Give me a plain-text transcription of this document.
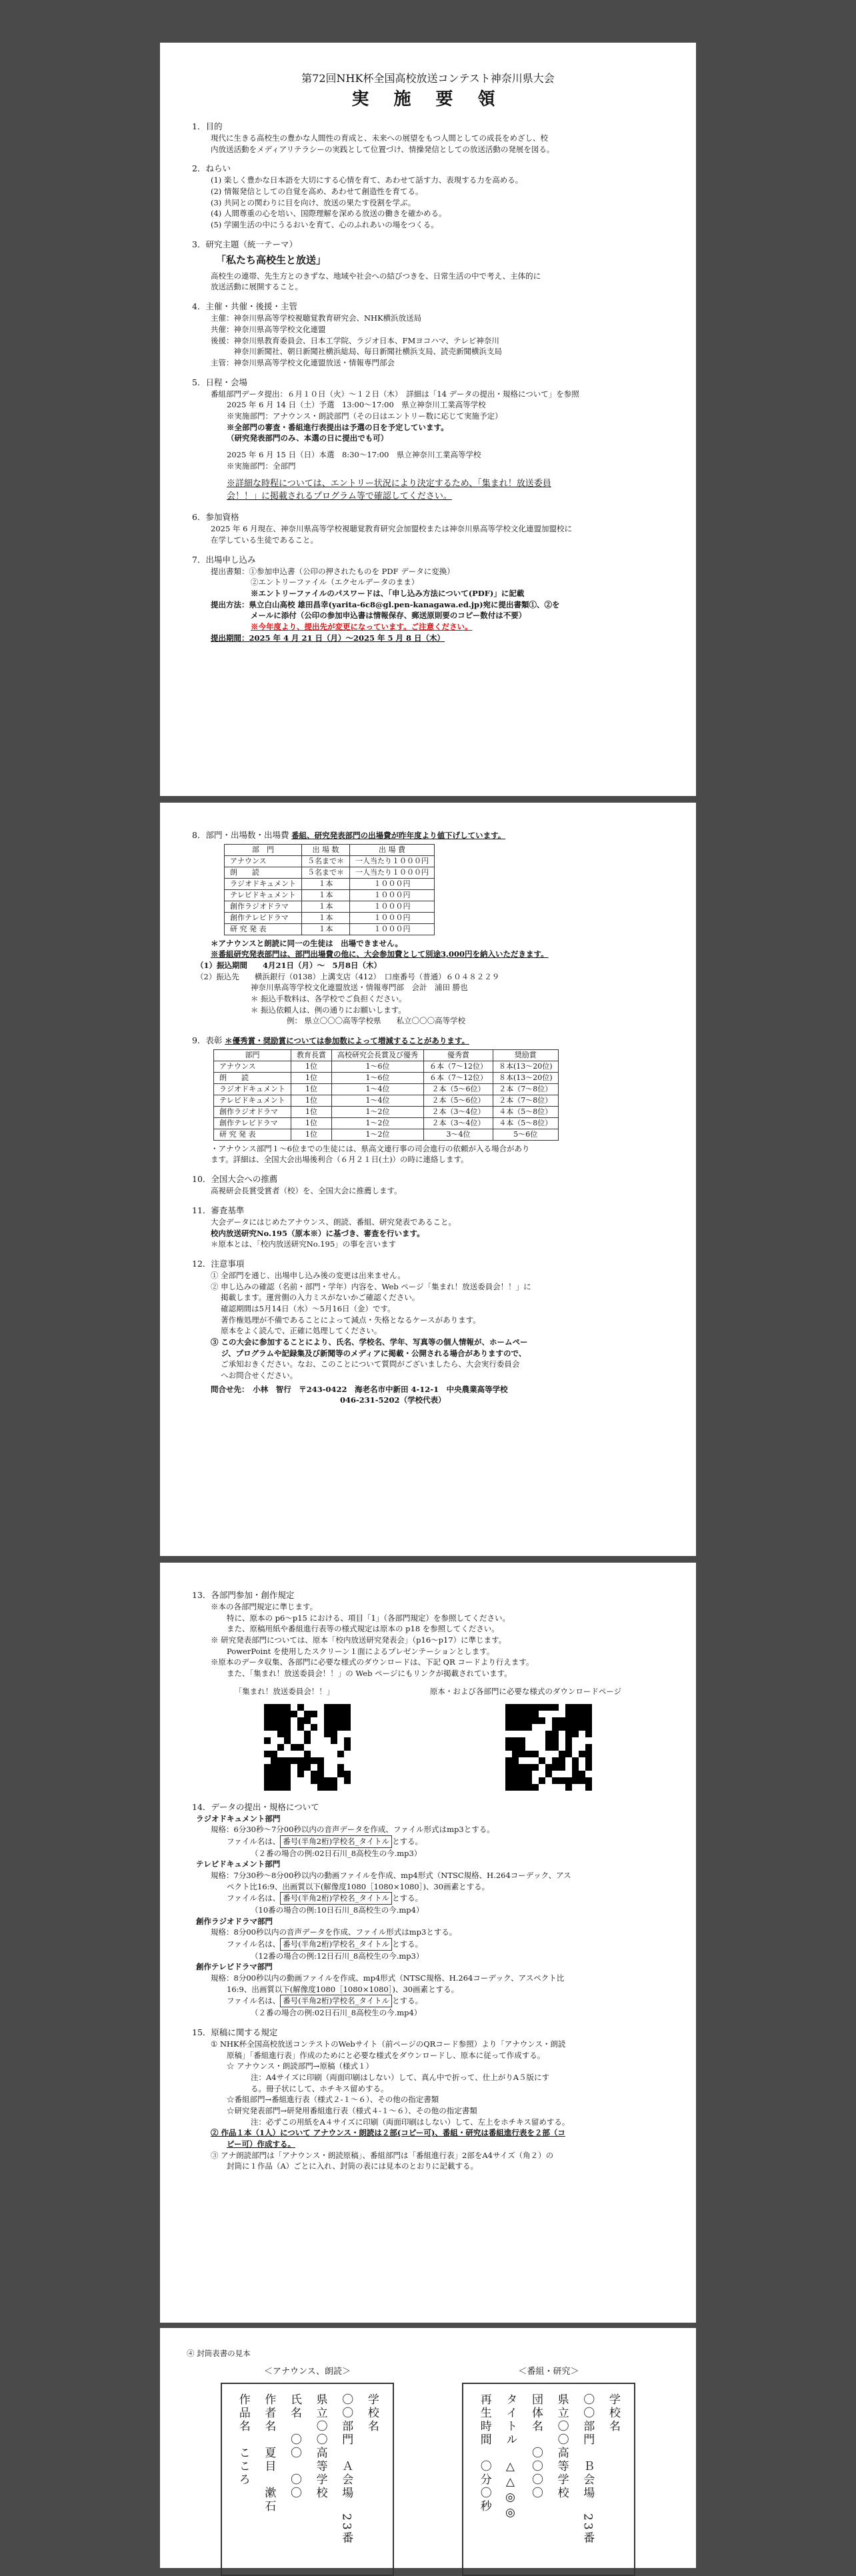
第72回NHK杯全国高校放送コンテスト神奈川県大会
実 施 要 領
1．目的
現代に生きる高校生の豊かな人間性の育成と、未来への展望をもつ人間としての成長をめざし、校
内放送活動をメディアリテラシーの実践として位置づけ、情操発信としての放送活動の発展を図る。
2．ねらい
(1) 楽しく豊かな日本語を大切にする心情を育て、あわせて話す力、表現する力を高める。
(2) 情報発信としての自覚を高め、あわせて創造性を育てる。
(3) 共同との関わりに目を向け、放送の果たす役割を学ぶ。
(4) 人間尊重の心を培い、国際理解を深める放送の働きを確かめる。
(5) 学園生活の中にうるおいを育て、心のふれあいの場をつくる。
3．研究主題（統一テーマ）
「私たち高校生と放送」
高校生の連帯、先生方とのきずな、地域や社会への結びつきを、日常生活の中で考え、主体的に
放送活動に展開すること。
4．主催・共催・後援・主管
主催：神奈川県高等学校視聴覚教育研究会、NHK横浜放送局
共催：神奈川県高等学校文化連盟
後援：神奈川県教育委員会、日本工学院、ラジオ日本、FMヨコハマ、テレビ神奈川
　　　神奈川新聞社、朝日新聞社横浜総局、毎日新聞社横浜支局、読売新聞横浜支局
主管：神奈川県高等学校文化連盟放送・情報専門部会
5．日程・会場
番組部門データ提出：６月１０日（火）～１２日（木）　詳細は「14 データの提出・規格について」を参照
2025 年 6 月 14 日（土）予選　13:00～17:00　県立神奈川工業高等学校
※実施部門：アナウンス・朗読部門（その日はエントリー数に応じて実施予定）
※全部門の審査・番組進行表提出は予選の日を予定しています。
（研究発表部門のみ、本選の日に提出でも可）
2025 年 6 月 15 日（日）本選　8:30～17:00　県立神奈川工業高等学校
※実施部門：全部門
※詳細な時程については、エントリー状況により決定するため、「集まれ！放送委員
会！！」に掲載されるプログラム等で確認してください。
6．参加資格
2025 年 6 月現在、神奈川県高等学校視聴覚教育研究会加盟校または神奈川県高等学校文化連盟加盟校に
在学している生徒であること。
7．出場申し込み
提出書類：①参加申込書（公印の押されたものを PDF データに変換）
②エントリーファイル（エクセルデータのまま）
※エントリーファイルのパスワードは、「申し込み方法について(PDF)」に記載
提出方法：県立白山高校 雄田昌幸(yarita-6c8@gl.pen-kanagawa.ed.jp)宛に提出書類①、②を
メールに添付（公印の参加申込書は情報保存、郵送原則要のコピー数付は不要）
※今年度より、提出先が変更になっています。ご注意ください。
提出期間：2025 年 4 月 21 日（月）～2025 年 5 月 8 日（木）
8．部門・出場数・出場費 番組、研究発表部門の出場費が昨年度より値下げしています。
部　門	出 場 数	出 場 費
アナウンス	５名まで＊	一人当たり１０００円
朗　　読	５名まで＊	一人当たり１０００円
ラジオドキュメント	１本	１０００円
テレビドキュメント	１本	１０００円
創作ラジオドラマ	１本	１０００円
創作テレビドラマ	１本	１０００円
研 究 発 表	１本	１０００円
＊アナウンスと朗読に同一の生徒は　出場できません。
※番組研究発表部門は、部門出場費の他に、大会参加費として別途3,000円を納入いただきます。
（1）振込期間　　4月21日（月）～　5月8日（木）
（2）振込先　　横浜銀行（0138）上溝支店（412）　口座番号（普通）６０４８２２９
神奈川県高等学校文化連盟放送・情報専門部　会計　浦田 勝也
＊ 振込手数料は、各学校でご負担ください。
＊ 振込依頼人は、例の通りにお願いします。
例： 県立〇〇〇高等学校県　　私立〇〇〇高等学校
9．表彰 ＊優秀賞・奨励賞については参加数によって増減することがあります。
部門	教育長賞	高校研究会長賞及び優秀	優秀賞	奨励賞
アナウンス	1位	1～6位	６本（7～12位）	８本(13～20位)
朗　　読	1位	1～6位	６本（7～12位）	８本(13～20位)
ラジオドキュメント	1位	1～4位	２本（5～6位）	２本（7～8位）
テレビドキュメント	1位	1～4位	２本（5～6位）	２本（7～8位）
創作ラジオドラマ	1位	1～2位	２本（3～4位）	４本（5～8位）
創作テレビドラマ	1位	1～2位	２本（3～4位）	４本（5～8位）
研 究 発 表	1位	1～2位	3～4位	5～6位
・アナウンス部門１～6位までの生徒には、県高文連行事の司会進行の依頼が入る場合があり
ます。詳細は、全国大会出場後利合（６月２１日(土)）の時に連絡します。
10．全国大会への推薦
高視研会長賞受賞者（校）を、全国大会に推薦します。
11．審査基準
大会データにはじめたアナウンス、朗読、番組、研究発表であること。
校内放送研究No.195（原本※）に基づき、審査を行います。
＊原本とは、「校内放送研究No.195」の事を言います
12．注意事項
① 全部門を通じ、出場申し込み後の変更は出来ません。
② 申し込みの確認（名前・部門・学年）内容を、Web ページ「集まれ！放送委員会！！」に
　 掲載します。運営側の入力ミスがないかご確認ください。
　 確認期間は5月14日（水）～5月16日（金）です。
　 著作権処理が不備であることによって減点・失格となるケースがあります。
　 原本をよく読んで、正確に処理してください。
③ この大会に参加することにより、氏名、学校名、学年、写真等の個人情報が、ホームペー
　 ジ、プログラムや記録集及び新聞等のメディアに掲載・公開される場合がありますので、
　 ご承知おきください。なお、このことについて質問がございましたら、大会実行委員会
　 へお問合せください。
問合せ先：　小林　智行　〒243-0422　海老名市中新田 4-12-1　中央農業高等学校
046-231-5202（学校代表）
13．各部門参加・創作規定
※本の各部門規定に準じます。
特に、原本の p6～p15 における、項目「1」（各部門規定）を参照してください。
また、原稿用紙や番組進行表等の様式規定は原本の p18 を参照してください。
※ 研究発表部門については、原本「校内放送研究発表会」（p16～p17）に準じます。
PowerPoint を使用したスクリーン１面によるプレゼンテーションとします。
※原本のデータ収集、各部門に必要な様式のダウンロードは、下記 QR コードより行えます。
また、「集まれ！放送委員会！！」の Web ページにもリンクが掲載されています。
「集まれ！放送委員会！！」	原本・および各部門に必要な様式のダウンロードページ
14．データの提出・規格について
ラジオドキュメント部門
規格：6分30秒～7分00秒以内の音声データを作成、ファイル形式はmp3とする。
ファイル名は、 番号(半角2桁)学校名_タイトル とする。
（２番の場合の例:02日石川_8高校生の今.mp3）
テレビドキュメント部門
規格：7分30秒～8分00秒以内の動画ファイルを作成、mp4形式（NTSC規格、H.264コーデック、アス
ペクト比16:9、出画質以下(解像度1080［1080×1080］)、30画素とする。
ファイル名は、 番号(半角2桁)学校名_タイトル とする。
（10番の場合の例:10日石川_8高校生の今.mp4）
創作ラジオドラマ部門
規格：8分00秒以内の音声データを作成、ファイル形式はmp3とする。
ファイル名は、 番号(半角2桁)学校名_タイトル とする。
（12番の場合の例:12日石川_8高校生の今.mp3）
創作テレビドラマ部門
規格：8分00秒以内の動画ファイルを作成、mp4形式（NTSC規格、H.264コーデック、アスペクト比
16:9、出画質以下(解像度1080［1080×1080］)、30画素とする。
ファイル名は、 番号(半角2桁)学校名_タイトル とする。
（２番の場合の例:02日石川_8高校生の今.mp4）
15．原稿に関する規定
① NHK杯全国高校放送コンテストのWebサイト（前ページのQRコード参照）より「アナウンス・朗読
原稿」「番組進行表」作成のためにと必要な様式をダウンロードし、原本に従って作成する。
☆ アナウンス・朗読部門→原稿（様式１）
注：A4サイズに印刷（両面印刷はしない）して、真ん中で折って、仕上がりA５版にす
る。冊子状にして、ホチキス留めする。
☆番組部門→番組進行表（様式２-１～６）、その他の指定書類
☆研究発表部門→研発用番組進行表（様式４-１～６）、その他の指定書類
注：必ずこの用紙をA４サイズに印刷（両面印刷はしない）して、左上をホチキス留めする。
② 作品１本（1人）について アナウンス・朗読は２部(コピー可)、番組・研究は番組進行表を２部（コ
ピー可）作成する。
③ アナ朗読部門は「アナウンス・朗読原稿」、番組部門は「番組進行表」2部をA4サイズ（角２）の
封筒に１作品（A）ごとに入れ、封筒の表には見本のとおりに記載する。
④ 封筒表書の見本
＜アナウンス、朗読＞
学校名
〇〇部門　Ａ会場　23番
県立〇〇高等学校
氏名　〇〇　〇〇
作者名　夏目　漱石
作品名　こころ
＜番組・研究＞
学校名
〇〇部門　Ｂ会場　23番
県立〇〇高等学校
団体名　〇〇〇〇
タイトル　△△◎◎
再生時間　〇分〇秒
